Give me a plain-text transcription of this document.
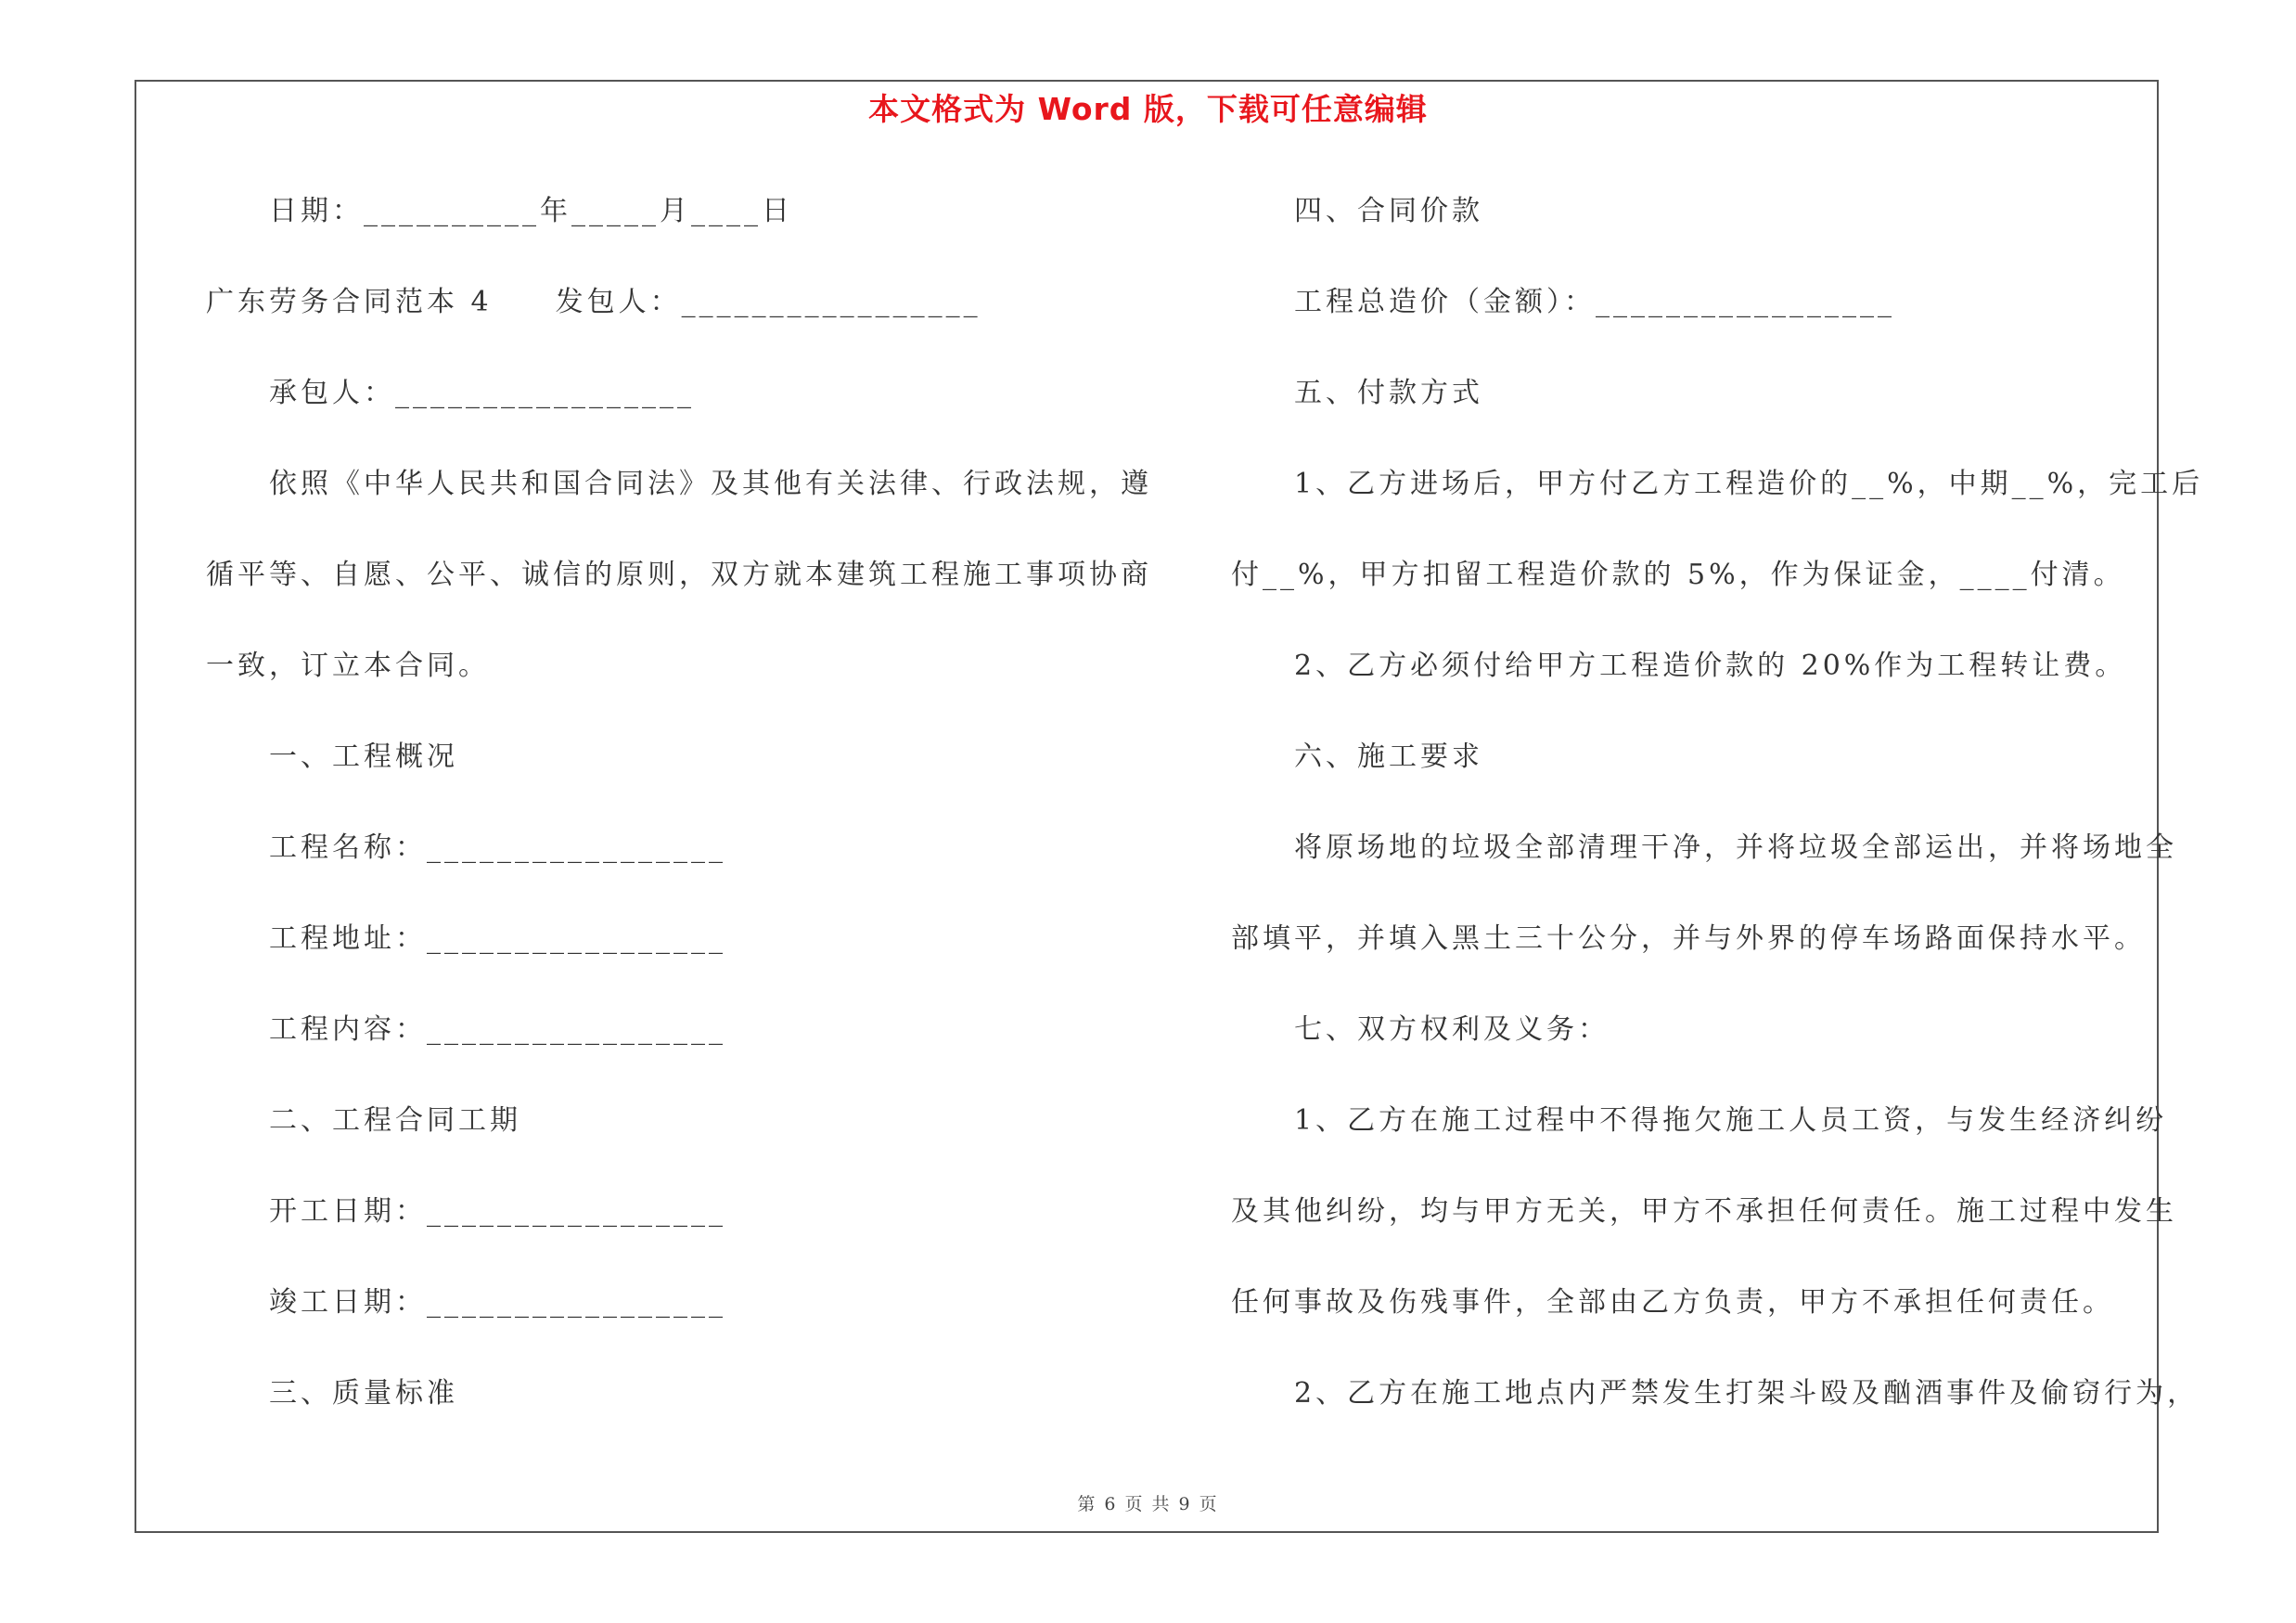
本文格式为 Word 版，下载可任意编辑
日期：__________年_____月____日
广东劳务合同范本 4　　发包人：_________________
承包人：_________________
依照《中华人民共和国合同法》及其他有关法律、行政法规，遵
循平等、自愿、公平、诚信的原则，双方就本建筑工程施工事项协商
一致，订立本合同。
一、工程概况
工程名称：_________________
工程地址：_________________
工程内容：_________________
二、工程合同工期
开工日期：_________________
竣工日期：_________________
三、质量标准
四、合同价款
工程总造价（金额）：_________________
五、付款方式
1、乙方进场后，甲方付乙方工程造价的__%，中期__%，完工后
付__%，甲方扣留工程造价款的 5%，作为保证金，____付清。
2、乙方必须付给甲方工程造价款的 20%作为工程转让费。
六、施工要求
将原场地的垃圾全部清理干净，并将垃圾全部运出，并将场地全
部填平，并填入黑土三十公分，并与外界的停车场路面保持水平。
七、双方权利及义务：
1、乙方在施工过程中不得拖欠施工人员工资，与发生经济纠纷
及其他纠纷，均与甲方无关，甲方不承担任何责任。施工过程中发生
任何事故及伤残事件，全部由乙方负责，甲方不承担任何责任。
2、乙方在施工地点内严禁发生打架斗殴及酗酒事件及偷窃行为，
第 6 页 共 9 页
